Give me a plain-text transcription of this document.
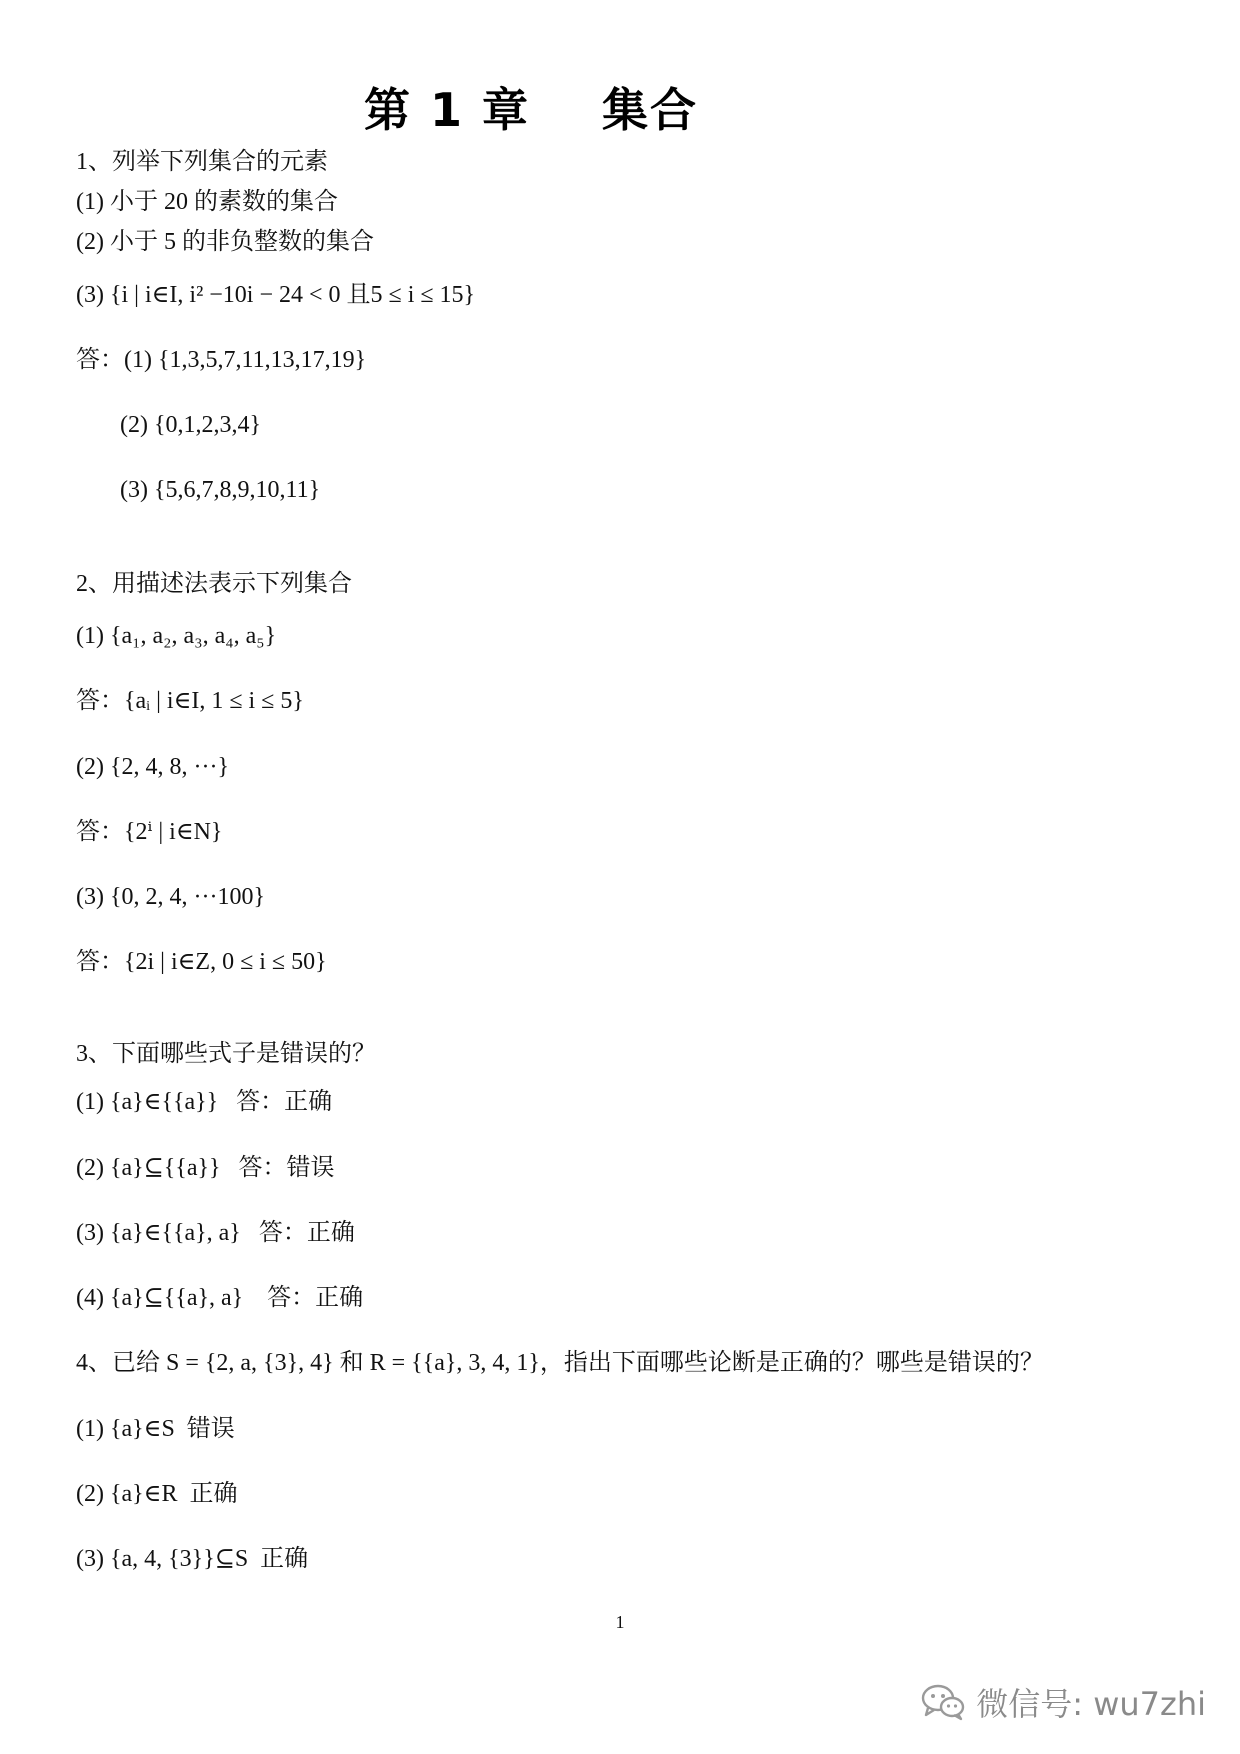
第 1 章    集合
1、列举下列集合的元素
(1) 小于 20 的素数的集合
(2) 小于 5 的非负整数的集合
(3) {i | i∈I, i² −10i − 24 < 0 且5 ≤ i ≤ 15}
答：(1) {1,3,5,7,11,13,17,19}
(2) {0,1,2,3,4}
(3) {5,6,7,8,9,10,11}
2、用描述法表示下列集合
(1) {a₁, a₂, a₃, a₄, a₅}
答：{aᵢ | i∈I, 1 ≤ i ≤ 5}
(2) {2, 4, 8, ···}
答：{2ⁱ | i∈N}
(3) {0, 2, 4, ···100}
答：{2i | i∈Z, 0 ≤ i ≤ 50}
3、下面哪些式子是错误的？
(1) {a}∈{{a}}   答：正确
(2) {a}⊆{{a}}   答：错误
(3) {a}∈{{a}, a}   答：正确
(4) {a}⊆{{a}, a}    答：正确
4、已给 S = {2, a, {3}, 4} 和 R = {{a}, 3, 4, 1}，指出下面哪些论断是正确的？哪些是错误的？
(1) {a}∈S  错误
(2) {a}∈R  正确
(3) {a, 4, {3}}⊆S  正确
1
微信号: wu7zhi
